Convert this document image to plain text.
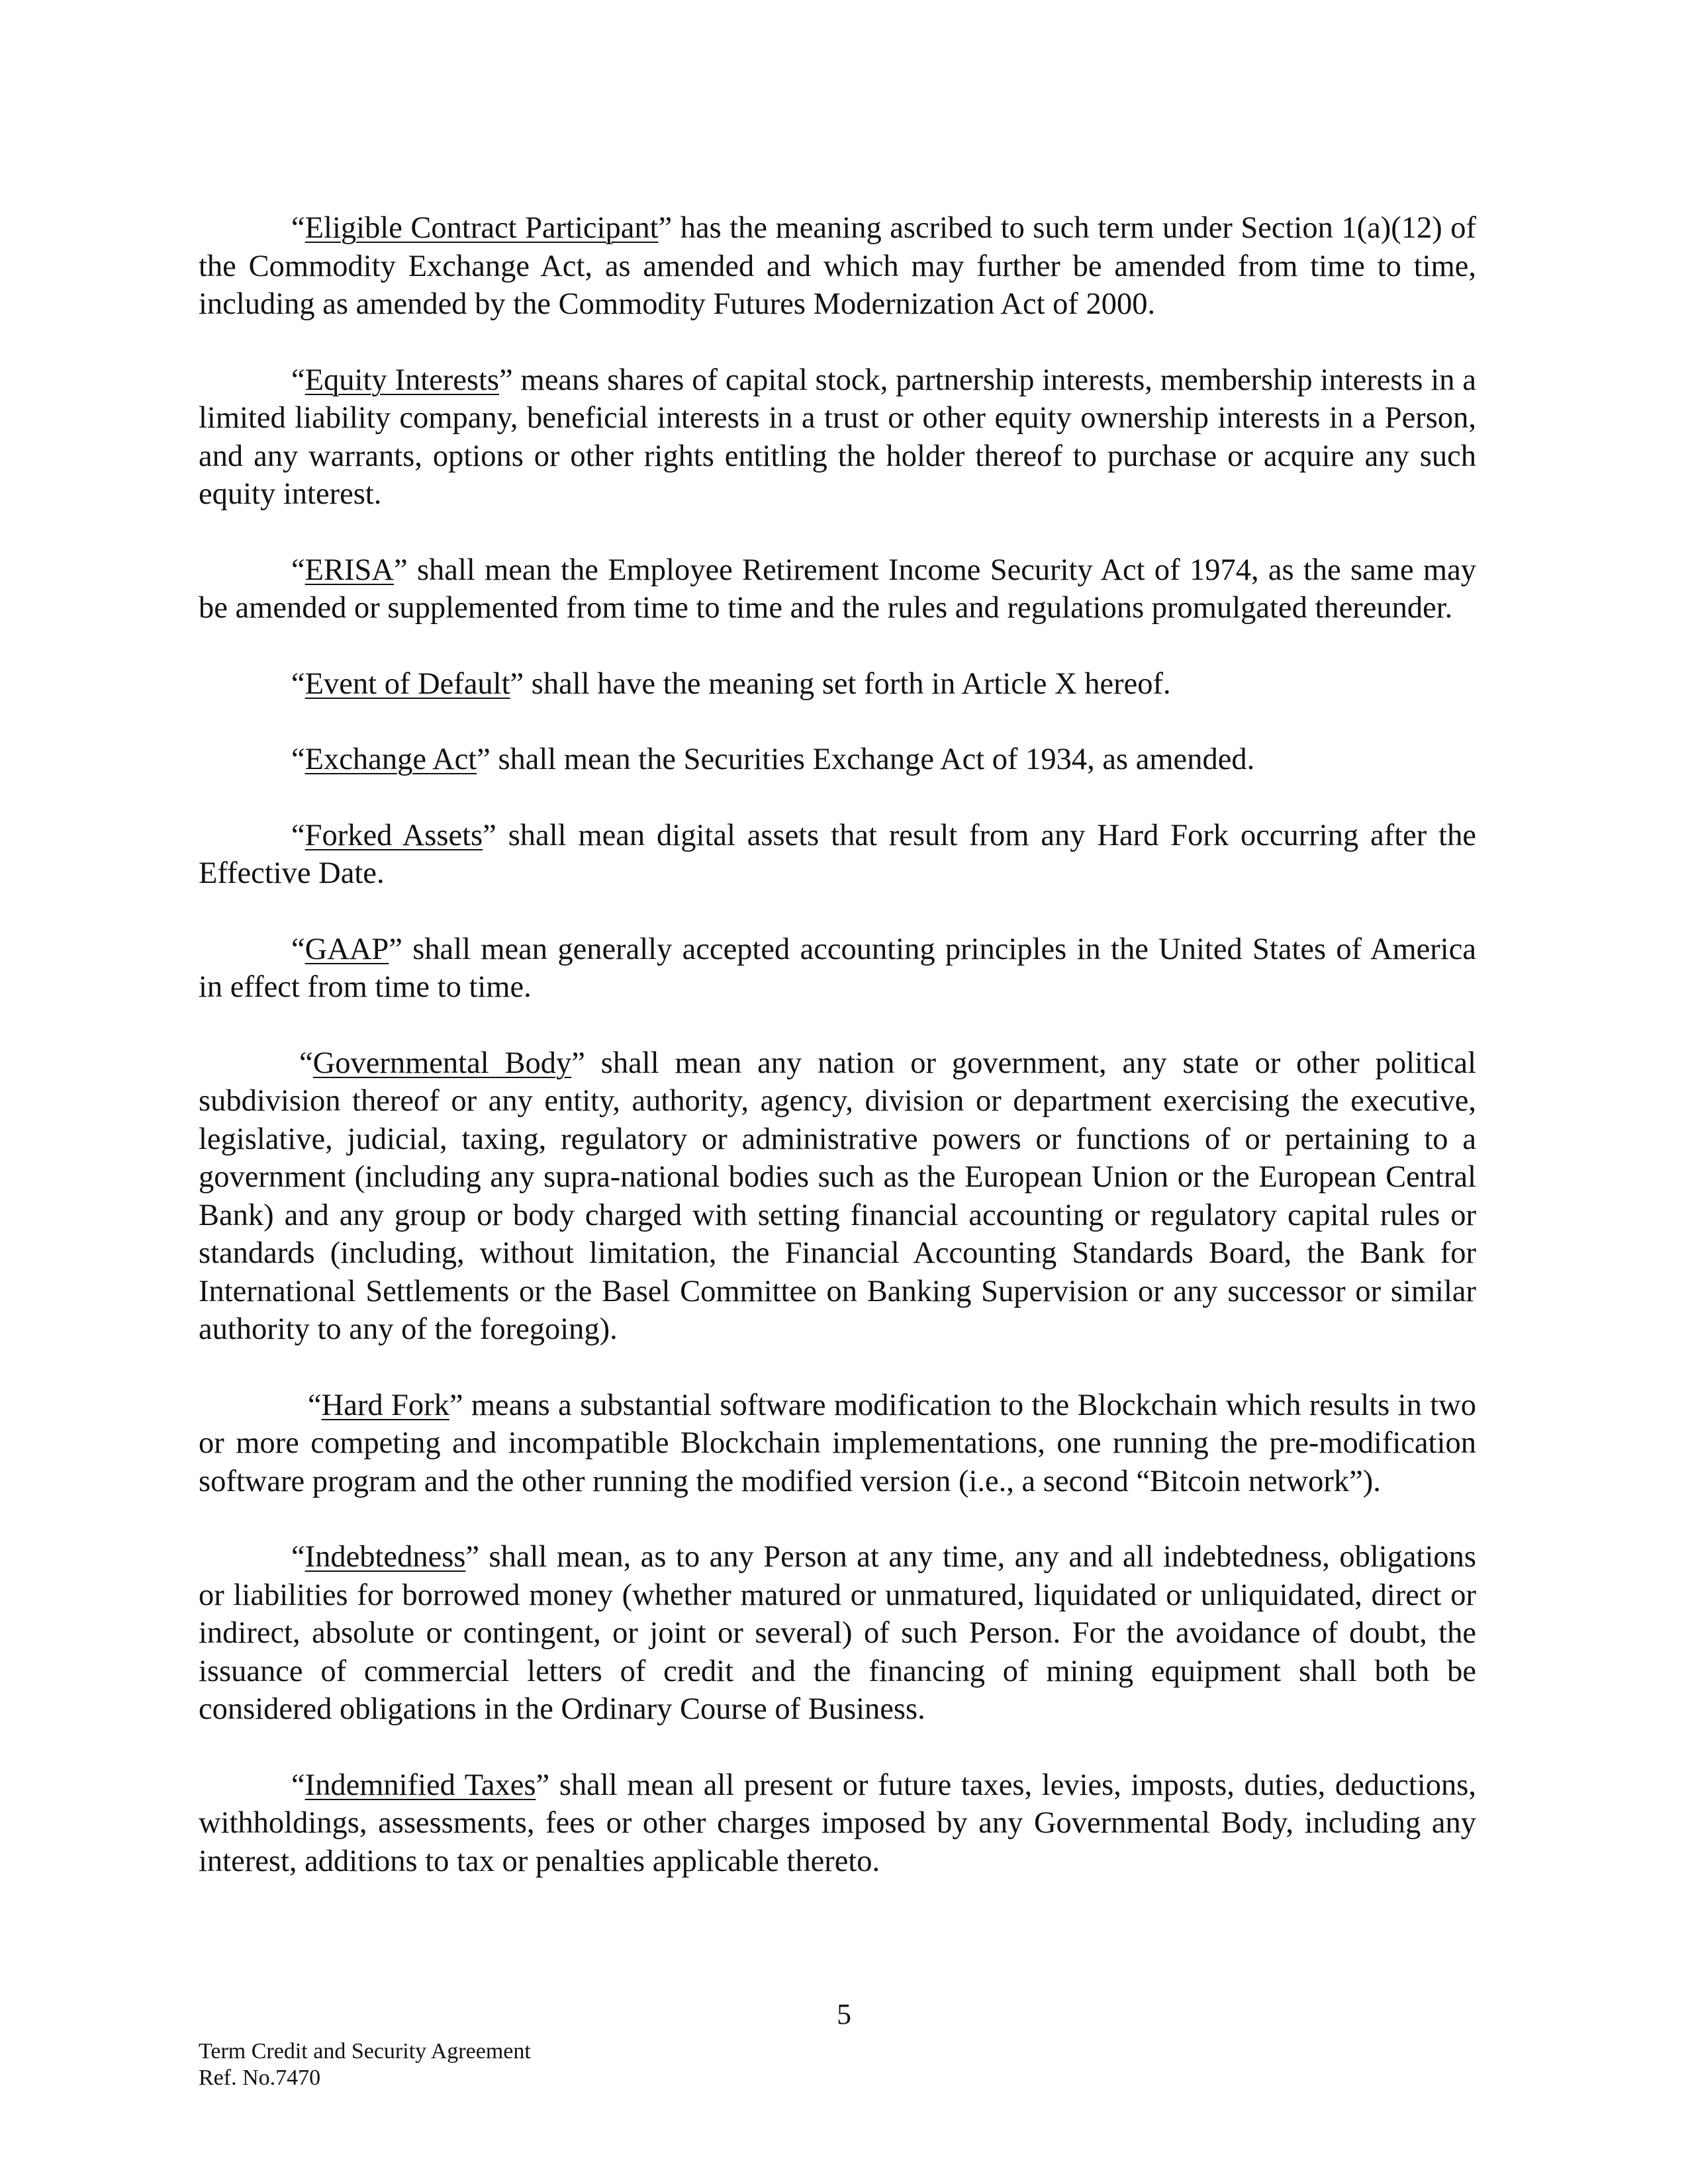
“Eligible Contract Participant” has the meaning ascribed to such term under Section 1(a)(12) of the Commodity Exchange Act, as amended and which may further be amended from time to time, including as amended by the Commodity Futures Modernization Act of 2000.

“Equity Interests” means shares of capital stock, partnership interests, membership interests in a limited liability company, beneficial interests in a trust or other equity ownership interests in a Person, and any warrants, options or other rights entitling the holder thereof to purchase or acquire any such equity interest.

“ERISA” shall mean the Employee Retirement Income Security Act of 1974, as the same may be amended or supplemented from time to time and the rules and regulations promulgated thereunder.

“Event of Default” shall have the meaning set forth in Article X hereof.

“Exchange Act” shall mean the Securities Exchange Act of 1934, as amended.

“Forked Assets” shall mean digital assets that result from any Hard Fork occurring after the Effective Date.

“GAAP” shall mean generally accepted accounting principles in the United States of America in effect from time to time.

“Governmental Body” shall mean any nation or government, any state or other political subdivision thereof or any entity, authority, agency, division or department exercising the executive, legislative, judicial, taxing, regulatory or administrative powers or functions of or pertaining to a government (including any supra-national bodies such as the European Union or the European Central Bank) and any group or body charged with setting financial accounting or regulatory capital rules or standards (including, without limitation, the Financial Accounting Standards Board, the Bank for International Settlements or the Basel Committee on Banking Supervision or any successor or similar authority to any of the foregoing).

“Hard Fork” means a substantial software modification to the Blockchain which results in two or more competing and incompatible Blockchain implementations, one running the pre-modification software program and the other running the modified version (i.e., a second “Bitcoin network”).

“Indebtedness” shall mean, as to any Person at any time, any and all indebtedness, obligations or liabilities for borrowed money (whether matured or unmatured, liquidated or unliquidated, direct or indirect, absolute or contingent, or joint or several) of such Person. For the avoidance of doubt, the issuance of commercial letters of credit and the financing of mining equipment shall both be considered obligations in the Ordinary Course of Business.

“Indemnified Taxes” shall mean all present or future taxes, levies, imposts, duties, deductions, withholdings, assessments, fees or other charges imposed by any Governmental Body, including any interest, additions to tax or penalties applicable thereto.

5
Term Credit and Security Agreement
Ref. No.7470
